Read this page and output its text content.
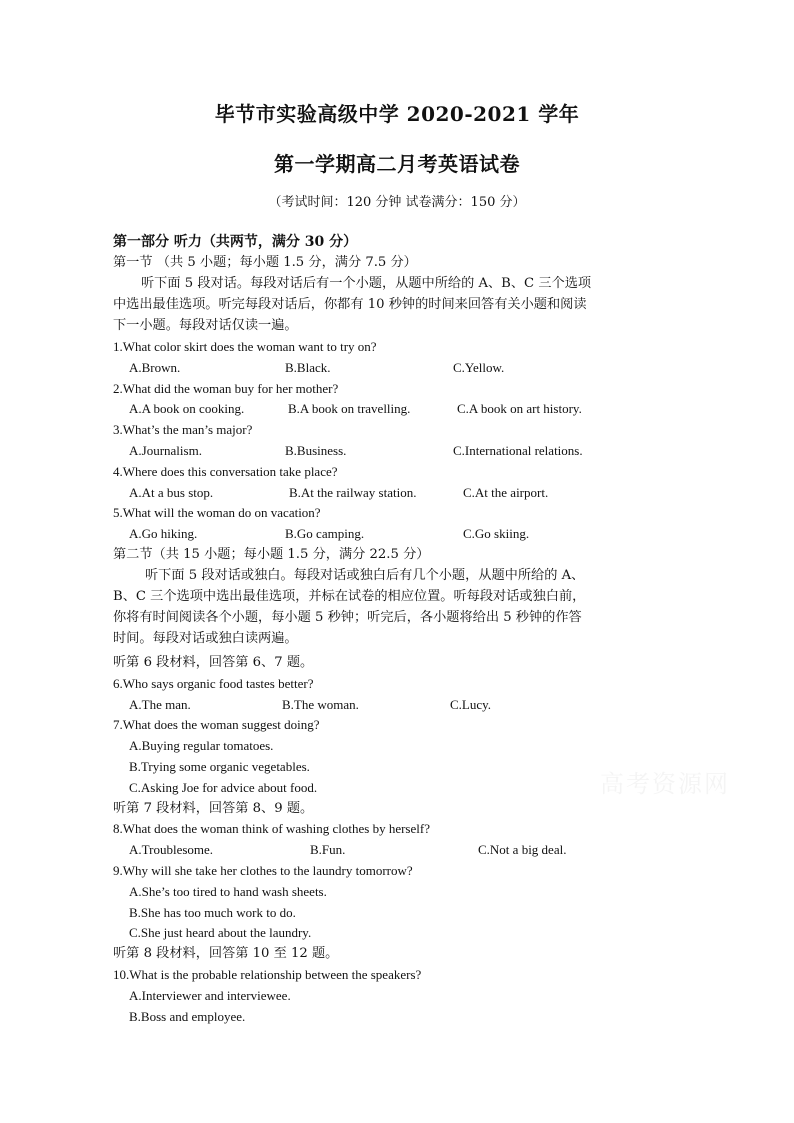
毕节市实验高级中学 2020-2021 学年
第一学期高二月考英语试卷
（考试时间：120 分钟 试卷满分：150 分）
第一部分 听力（共两节，满分 30 分）
第一节 （共 5 小题；每小题 1.5 分，满分 7.5 分）
听下面 5 段对话。每段对话后有一个小题，从题中所给的 A、B、C 三个选项
中选出最佳选项。听完每段对话后，你都有 10 秒钟的时间来回答有关小题和阅读
下一小题。每段对话仅读一遍。
1.What color skirt does the woman want to try on?
A.Brown.	B.Black.	C.Yellow.
2.What did the woman buy for her mother?
A.A book on cooking.	B.A book on travelling.	C.A book on art history.
3.What’s the man’s major?
A.Journalism.	B.Business.	C.International relations.
4.Where does this conversation take place?
A.At a bus stop.	B.At the railway station.	C.At the airport.
5.What will the woman do on vacation?
A.Go hiking.	B.Go camping.	C.Go skiing.
第二节（共 15 小题；每小题 1.5 分，满分 22.5 分）
听下面 5 段对话或独白。每段对话或独白后有几个小题，从题中所给的 A、
B、C 三个选项中选出最佳选项，并标在试卷的相应位置。听每段对话或独白前，
你将有时间阅读各个小题，每小题 5 秒钟；听完后，各小题将给出 5 秒钟的作答
时间。每段对话或独白读两遍。
听第 6 段材料，回答第 6、7 题。
6.Who says organic food tastes better?
A.The man.	B.The woman.	C.Lucy.
7.What does the woman suggest doing?
A.Buying regular tomatoes.
B.Trying some organic vegetables.
C.Asking Joe for advice about food.
听第 7 段材料，回答第 8、9 题。
8.What does the woman think of washing clothes by herself?
A.Troublesome.	B.Fun.	C.Not a big deal.
9.Why will she take her clothes to the laundry tomorrow?
A.She’s too tired to hand wash sheets.
B.She has too much work to do.
C.She just heard about the laundry.
听第 8 段材料，回答第 10 至 12 题。
10.What is the probable relationship between the speakers?
A.Interviewer and interviewee.
B.Boss and employee.
高考资源网
